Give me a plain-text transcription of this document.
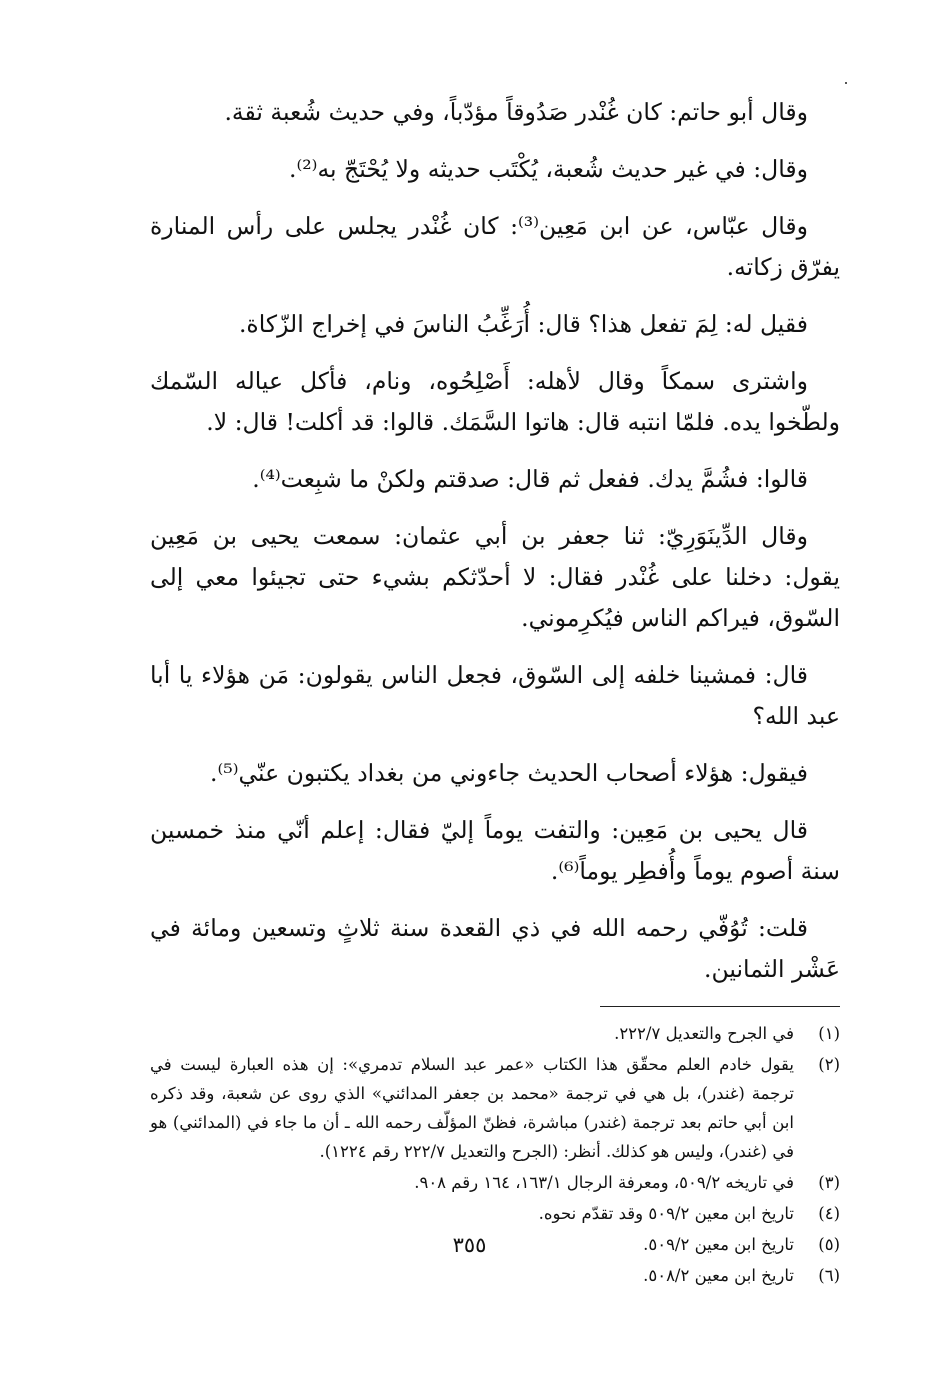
وقال أبو حاتم: كان غُنْدر صَدُوقاً مؤدّباً، وفي حديث شُعبة ثقة.

وقال: في غير حديث شُعبة، يُكْتَب حديثه ولا يُحْتَجّ به⁽²⁾.

وقال عبّاس، عن ابن مَعِين⁽³⁾: كان غُنْدر يجلس على رأس المنارة يفرّق زكاته.

فقيل له: لِمَ تفعل هذا؟ قال: أُرَغِّبُ الناسَ في إخراج الزّكاة.

واشترى سمكاً وقال لأهله: أَصْلِحُوه، ونام، فأكل عياله السّمك ولطّخوا يده. فلمّا انتبه قال: هاتوا السَّمَك. قالوا: قد أكلت! قال: لا.

قالوا: فشُمَّ يدك. ففعل ثم قال: صدقتم ولكنْ ما شبِعت⁽⁴⁾.

وقال الدِّينَوَرِيّ: ثنا جعفر بن أبي عثمان: سمعت يحيى بن مَعِين يقول: دخلنا على غُنْدر فقال: لا أحدّثكم بشيء حتى تجيئوا معي إلى السّوق، فيراكم الناس فيُكرِموني.

قال: فمشينا خلفه إلى السّوق، فجعل الناس يقولون: مَن هؤلاء يا أبا عبد الله؟

فيقول: هؤلاء أصحاب الحديث جاءوني من بغداد يكتبون عنّي⁽⁵⁾.

قال يحيى بن مَعِين: والتفت يوماً إليّ فقال: إعلم أنّي منذ خمسين سنة أصوم يوماً وأُفطِر يوماً⁽⁶⁾.

قلت: تُوُفّي رحمه الله في ذي القعدة سنة ثلاثٍ وتسعين ومائة في عَشْر الثمانين.

(١)
في الجرح والتعديل ٢٢٢/٧.
(٢)
يقول خادم العلم محقّق هذا الكتاب «عمر عبد السلام تدمري»: إن هذه العبارة ليست في ترجمة (غندر)، بل هي في ترجمة «محمد بن جعفر المدائني» الذي روى عن شعبة، وقد ذكره ابن أبي حاتم بعد ترجمة (غندر) مباشرة، فظنّ المؤلّف رحمه الله ـ أن ما جاء في (المدائني) هو في (غندر)، وليس هو كذلك. أنظر: (الجرح والتعديل ٢٢٢/٧ رقم ١٢٢٤).
(٣)
في تاريخه ٥٠٩/٢، ومعرفة الرجال ١٦٣/١، ١٦٤ رقم ٩٠٨.
(٤)
تاريخ ابن معين ٥٠٩/٢ وقد تقدّم نحوه.
(٥)
تاريخ ابن معين ٥٠٩/٢.
(٦)
تاريخ ابن معين ٥٠٨/٢.
٣٥٥
